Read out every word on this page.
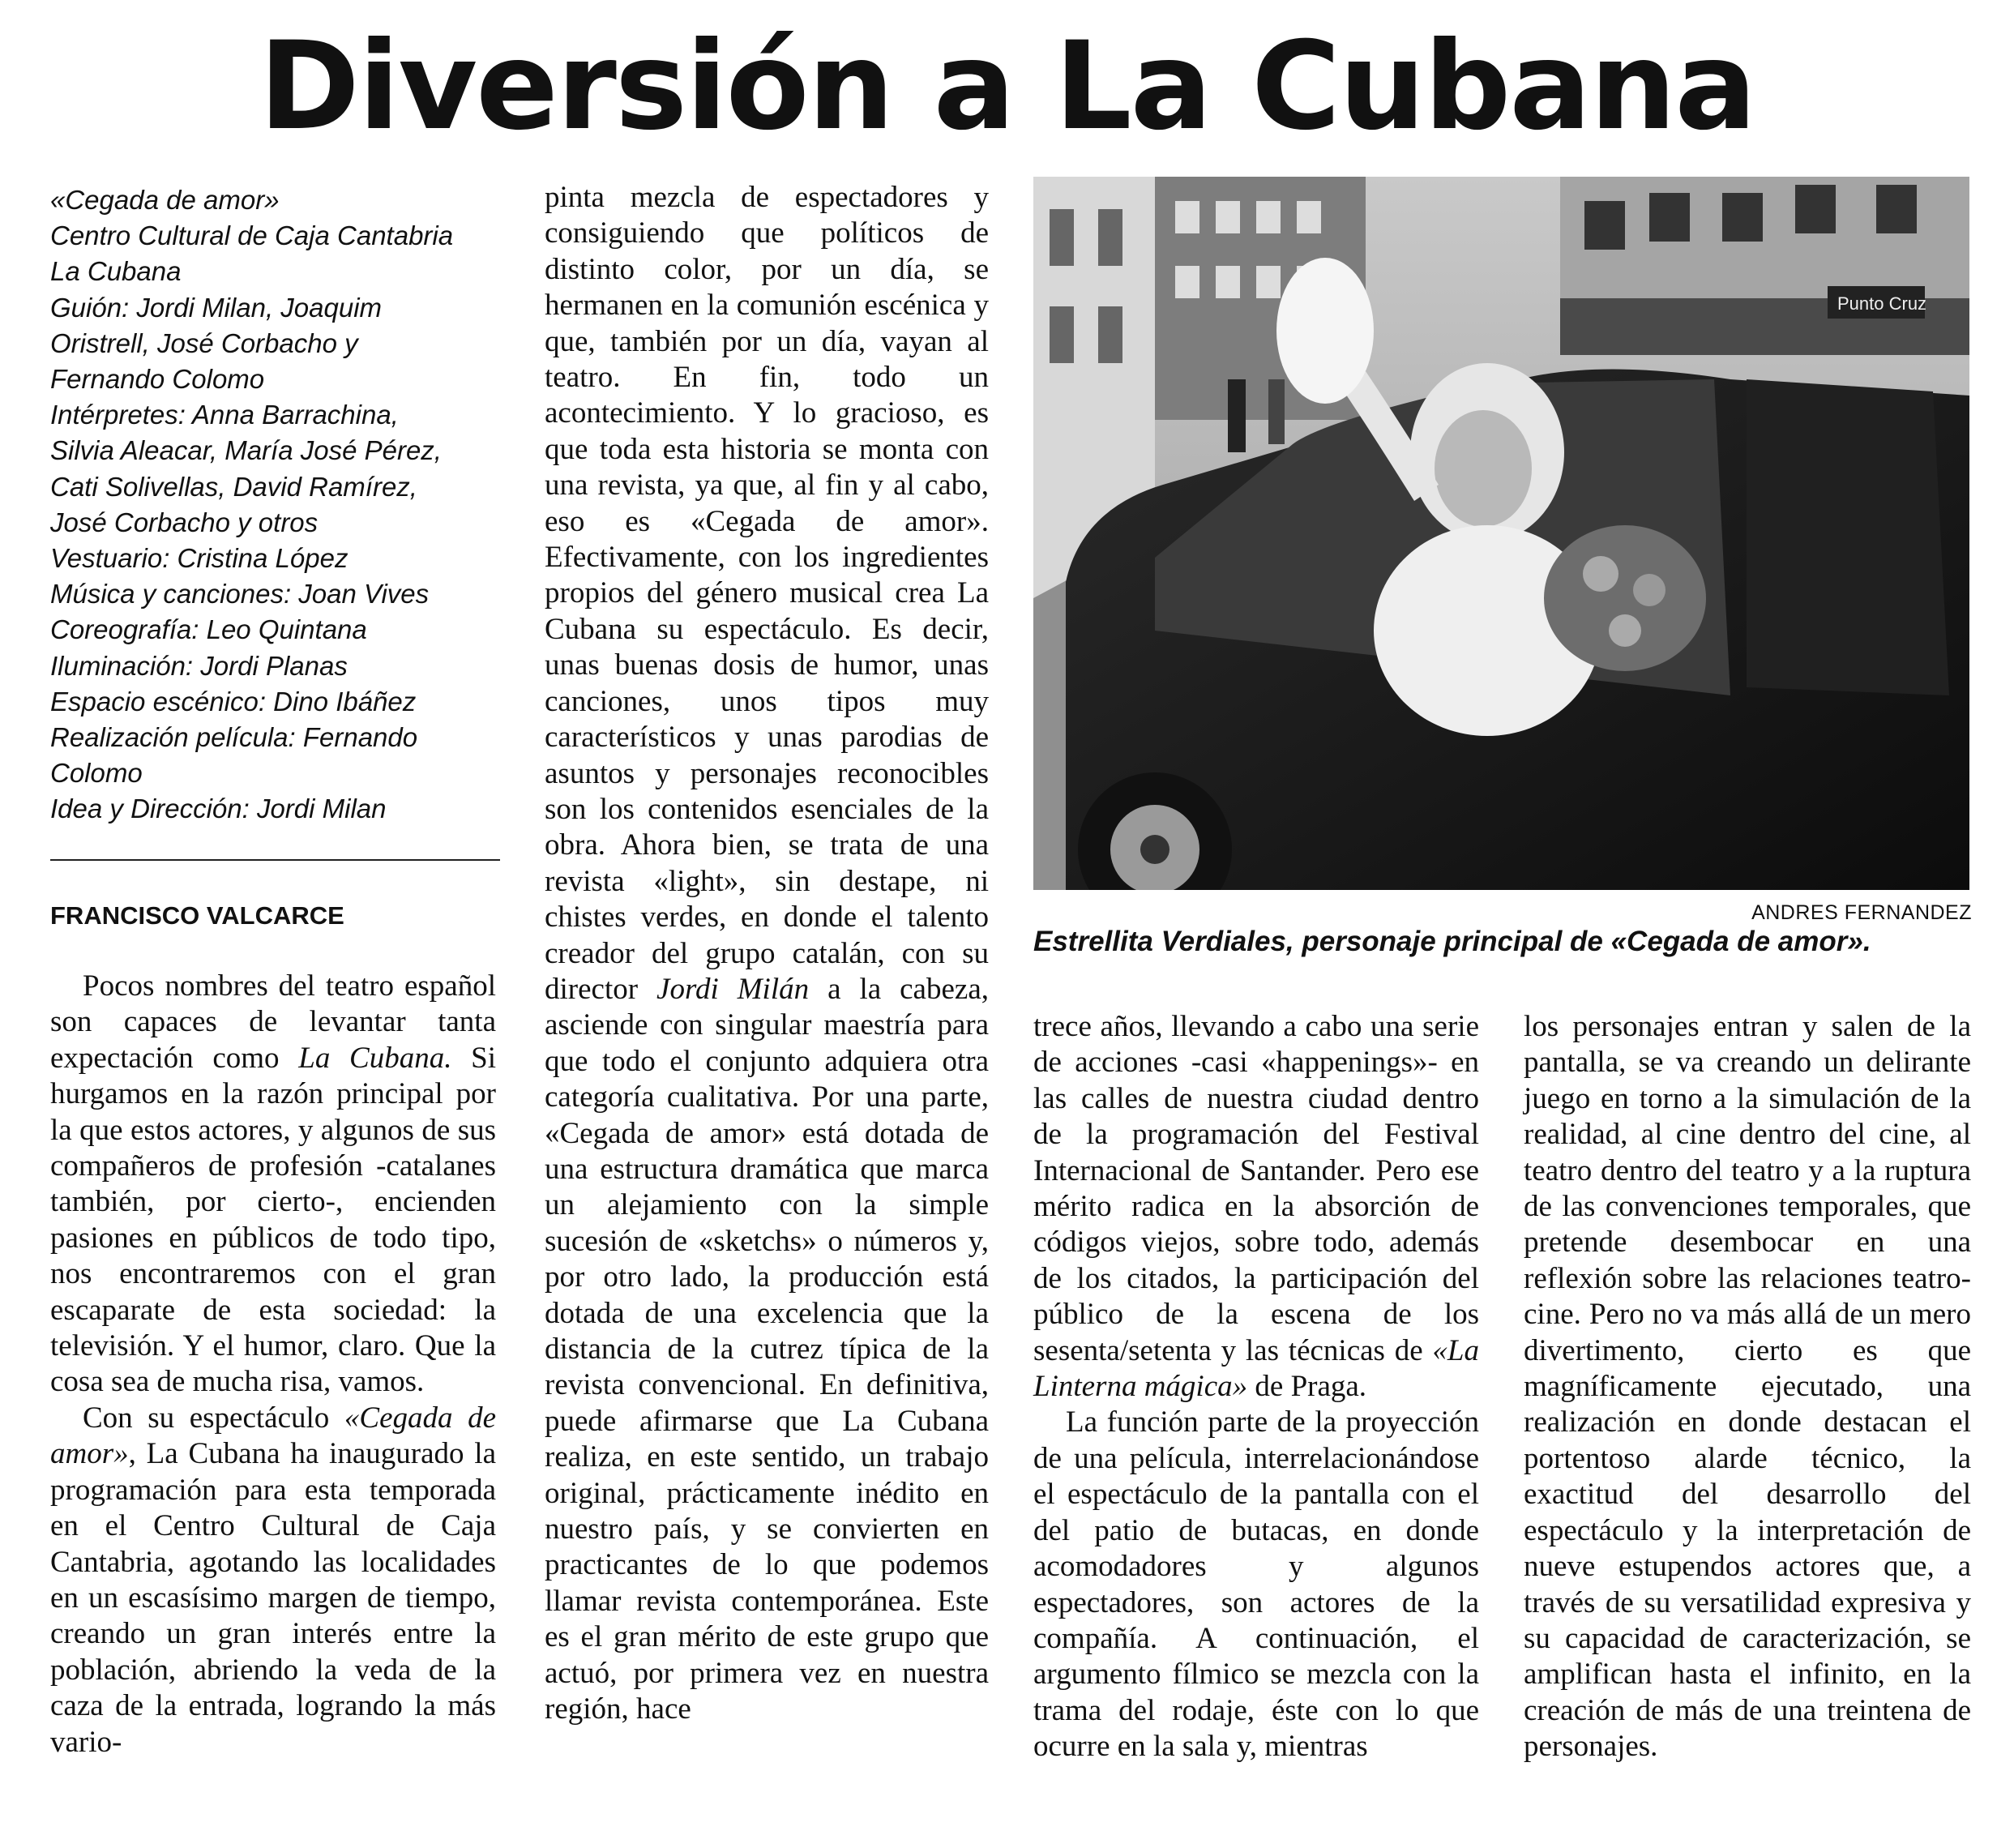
Diversión a La Cubana
«Cegada de amor»
Centro Cultural de Caja Cantabria
La Cubana
Guión: Jordi Milan, Joaquim
Oristrell, José Corbacho y
Fernando Colomo
Intérpretes: Anna Barrachina,
Silvia Aleacar, María José Pérez,
Cati Solivellas, David Ramírez,
José Corbacho y otros
Vestuario: Cristina López
Música y canciones: Joan Vives
Coreografía: Leo Quintana
Iluminación: Jordi Planas
Espacio escénico: Dino Ibáñez
Realización película: Fernando
Colomo
Idea y Dirección: Jordi Milan
FRANCISCO VALCARCE

Pocos nombres del teatro español son capaces de levantar tanta expectación como La Cubana. Si hurgamos en la razón principal por la que estos actores, y algunos de sus compañeros de profesión -catalanes también, por cierto-, encienden pasiones en públicos de todo tipo, nos encontraremos con el gran escaparate de esta sociedad: la televisión. Y el humor, claro. Que la cosa sea de mucha risa, vamos.

Con su espectáculo «Cegada de amor», La Cubana ha inaugurado la programación para esta temporada en el Centro Cultural de Caja Cantabria, agotando las localidades en un escasísimo margen de tiempo, creando un gran interés entre la población, abriendo la veda de la caza de la entrada, logrando la más vario-

pinta mezcla de espectadores y consiguiendo que políticos de distinto color, por un día, se hermanen en la comunión escénica y que, también por un día, vayan al teatro. En fin, todo un acontecimiento. Y lo gracioso, es que toda esta historia se monta con una revista, ya que, al fin y al cabo, eso es «Cegada de amor». Efectivamente, con los ingredientes propios del género musical crea La Cubana su espectáculo. Es decir, unas buenas dosis de humor, unas canciones, unos tipos muy característicos y unas parodias de asuntos y personajes reconocibles son los contenidos esenciales de la obra. Ahora bien, se trata de una revista «light», sin destape, ni chistes verdes, en donde el talento creador del grupo catalán, con su director Jordi Milán a la cabeza, asciende con singular maestría para que todo el conjunto adquiera otra categoría cualitativa. Por una parte, «Cegada de amor» está dotada de una estructura dramática que marca un alejamiento con la simple sucesión de «sketchs» o números y, por otro lado, la producción está dotada de una excelencia que la distancia de la cutrez típica de la revista convencional. En definitiva, puede afirmarse que La Cubana realiza, en este sentido, un trabajo original, prácticamente inédito en nuestro país, y se convierten en practicantes de lo que podemos llamar revista contemporánea. Este es el gran mérito de este grupo que actuó, por primera vez en nuestra región, hace

Punto Cruz
ANDRES FERNANDEZ
Estrellita Verdiales, personaje principal de «Cegada de amor».

trece años, llevando a cabo una serie de acciones -casi «happenings»- en las calles de nuestra ciudad dentro de la programación del Festival Internacional de Santander. Pero ese mérito radica en la absorción de códigos viejos, sobre todo, además de los citados, la participación del público de la escena de los sesenta/setenta y las técnicas de «La Linterna mágica» de Praga.

La función parte de la proyección de una película, interrelacionándose el espectáculo de la pantalla con el del patio de butacas, en donde acomodadores y algunos espectadores, son actores de la compañía. A continuación, el argumento fílmico se mezcla con la trama del rodaje, éste con lo que ocurre en la sala y, mientras

los personajes entran y salen de la pantalla, se va creando un delirante juego en torno a la simulación de la realidad, al cine dentro del cine, al teatro dentro del teatro y a la ruptura de las convenciones temporales, que pretende desembocar en una reflexión sobre las relaciones teatro-cine. Pero no va más allá de un mero divertimento, cierto es que magníficamente ejecutado, una realización en donde destacan el portentoso alarde técnico, la exactitud del desarrollo del espectáculo y la interpretación de nueve estupendos actores que, a través de su versatilidad expresiva y su capacidad de caracterización, se amplifican hasta el infinito, en la creación de más de una treintena de personajes.
